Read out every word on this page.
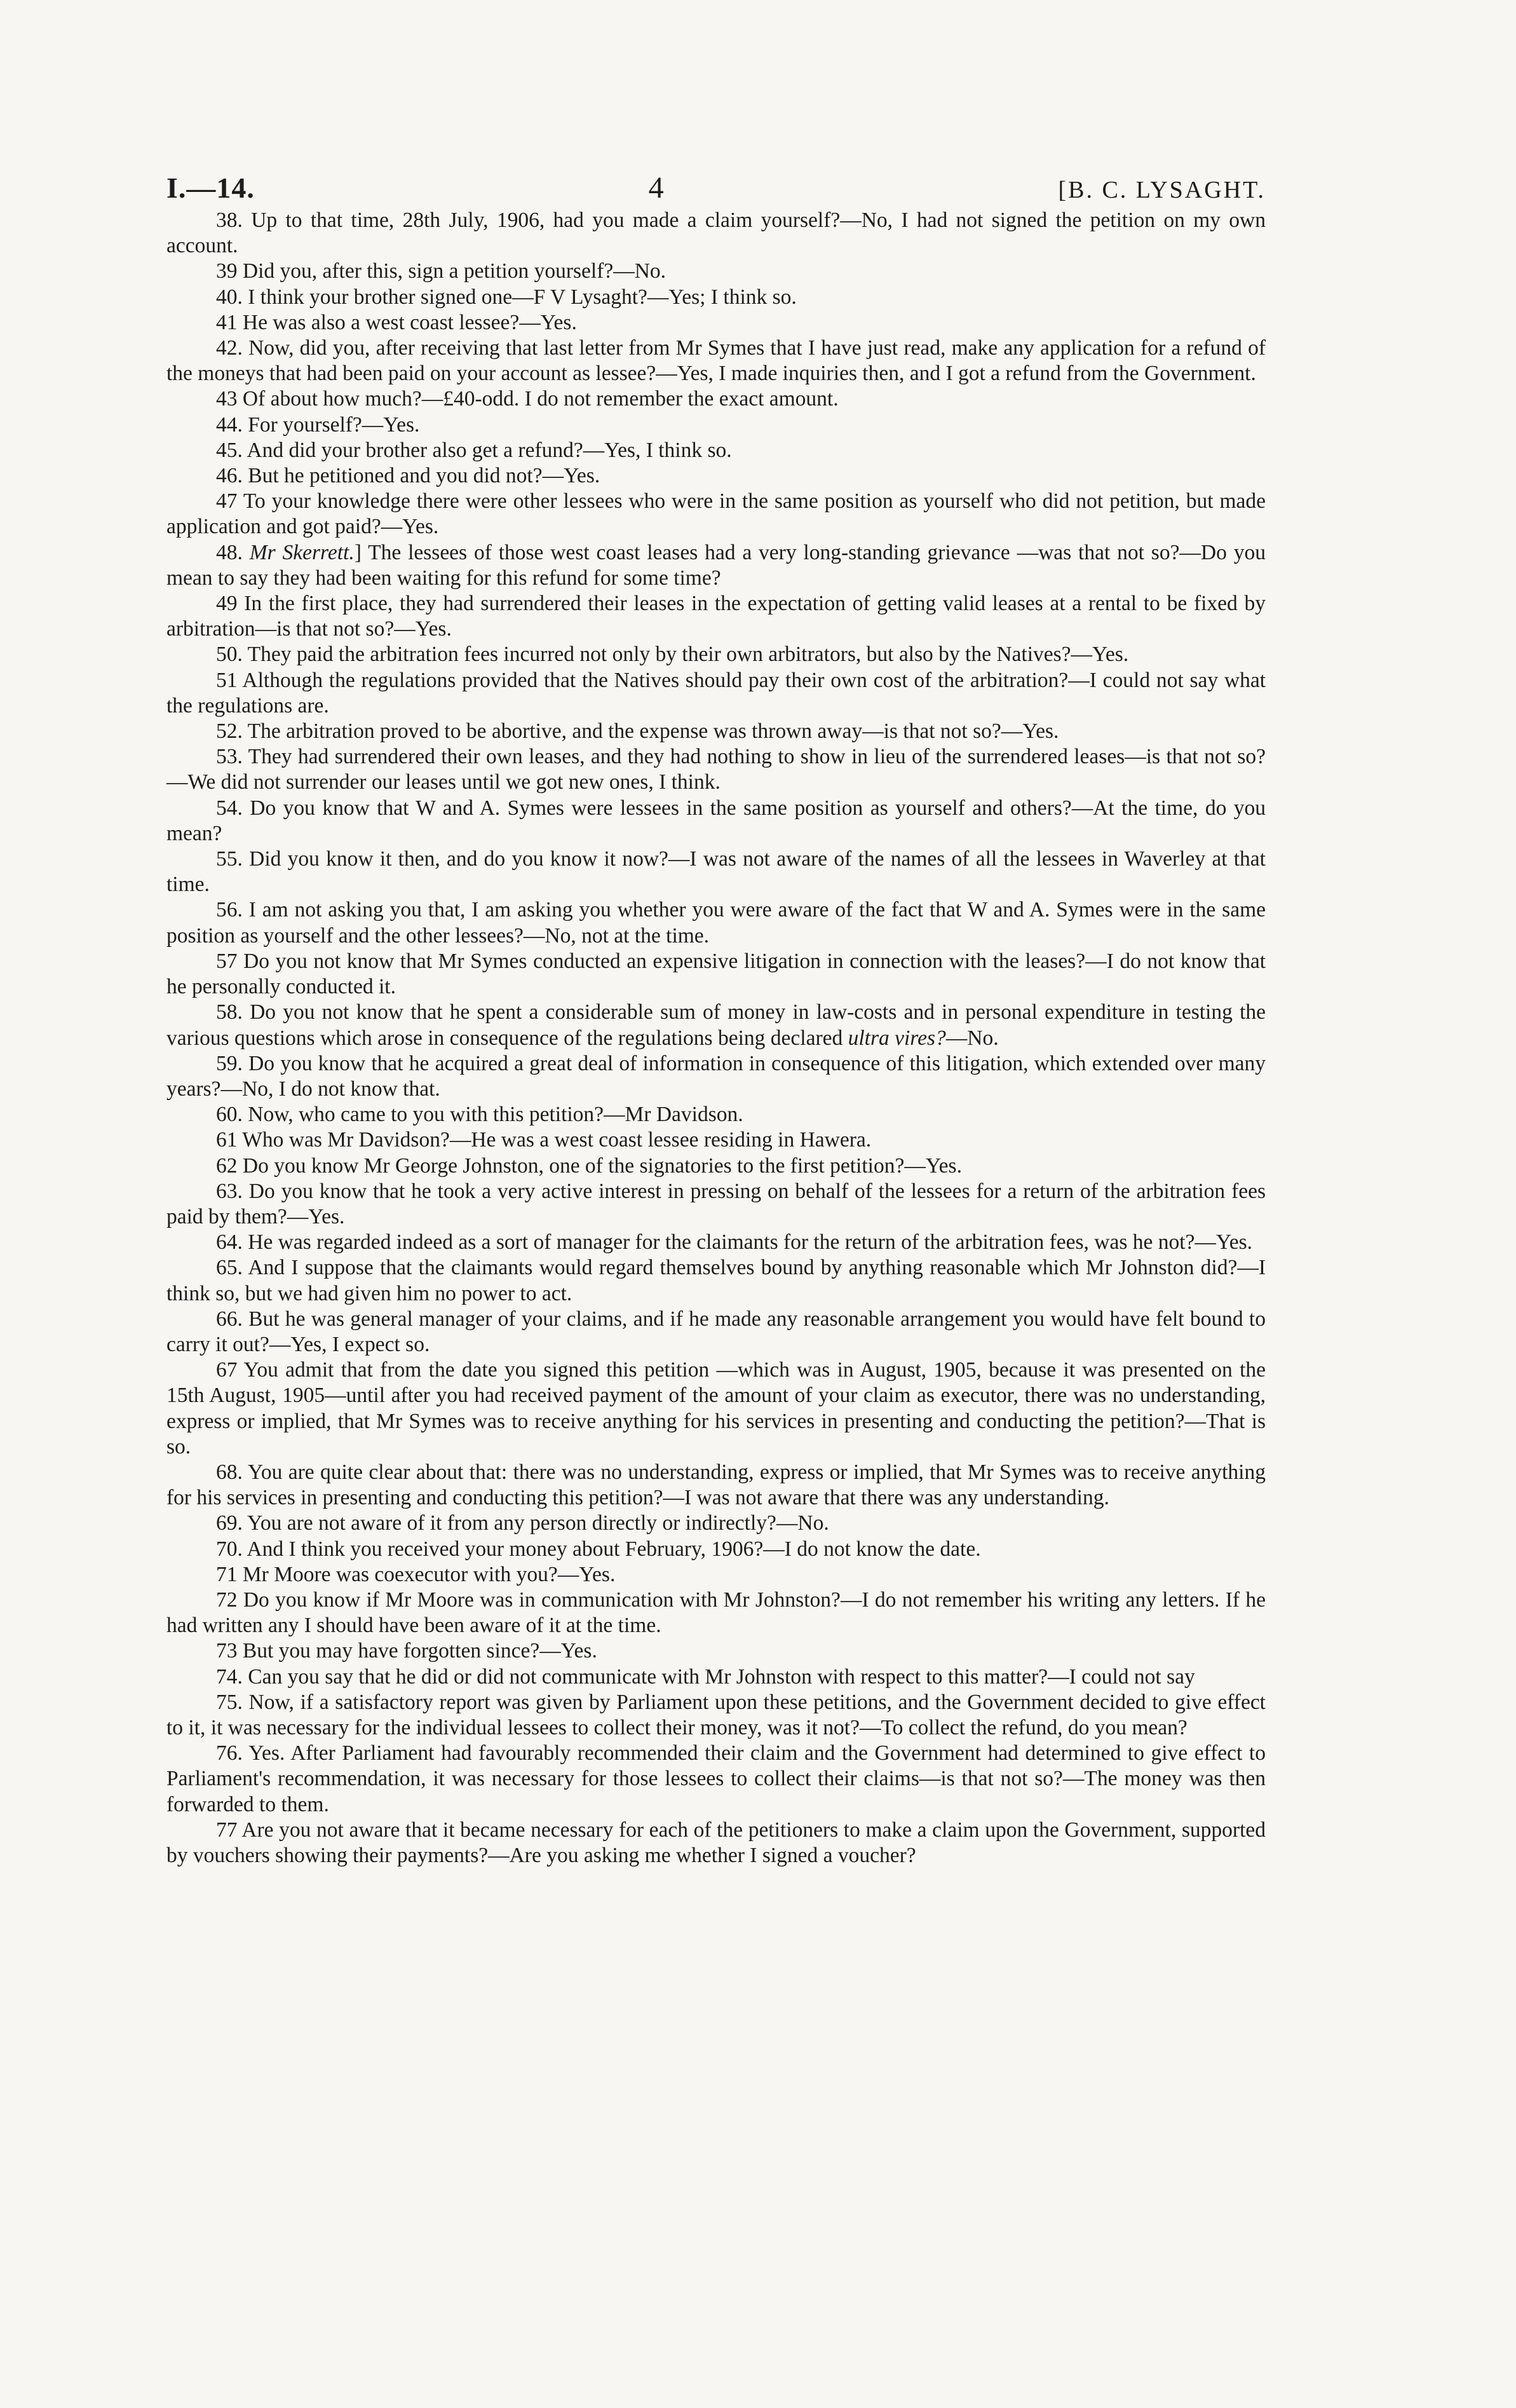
I.—14.	4	[B. C. LYSAGHT.

38. Up to that time, 28th July, 1906, had you made a claim yourself?—No, I had not signed the petition on my own account.

39 Did you, after this, sign a petition yourself?—No.

40. I think your brother signed one—F V Lysaght?—Yes; I think so.

41 He was also a west coast lessee?—Yes.

42. Now, did you, after receiving that last letter from Mr Symes that I have just read, make any application for a refund of the moneys that had been paid on your account as lessee?—Yes, I made inquiries then, and I got a refund from the Government.

43 Of about how much?—£40-odd. I do not remember the exact amount.

44. For yourself?—Yes.

45. And did your brother also get a refund?—Yes, I think so.

46. But he petitioned and you did not?—Yes.

47 To your knowledge there were other lessees who were in the same position as yourself who did not petition, but made application and got paid?—Yes.

48. Mr Skerrett.] The lessees of those west coast leases had a very long-standing grievance —was that not so?—Do you mean to say they had been waiting for this refund for some time?

49 In the first place, they had surrendered their leases in the expectation of getting valid leases at a rental to be fixed by arbitration—is that not so?—Yes.

50. They paid the arbitration fees incurred not only by their own arbitrators, but also by the Natives?—Yes.

51 Although the regulations provided that the Natives should pay their own cost of the arbitration?—I could not say what the regulations are.

52. The arbitration proved to be abortive, and the expense was thrown away—is that not so?—Yes.

53. They had surrendered their own leases, and they had nothing to show in lieu of the surrendered leases—is that not so?—We did not surrender our leases until we got new ones, I think.

54. Do you know that W and A. Symes were lessees in the same position as yourself and others?—At the time, do you mean?

55. Did you know it then, and do you know it now?—I was not aware of the names of all the lessees in Waverley at that time.

56. I am not asking you that, I am asking you whether you were aware of the fact that W and A. Symes were in the same position as yourself and the other lessees?—No, not at the time.

57 Do you not know that Mr Symes conducted an expensive litigation in connection with the leases?—I do not know that he personally conducted it.

58. Do you not know that he spent a considerable sum of money in law-costs and in personal expenditure in testing the various questions which arose in consequence of the regulations being declared ultra vires?—No.

59. Do you know that he acquired a great deal of information in consequence of this litigation, which extended over many years?—No, I do not know that.

60. Now, who came to you with this petition?—Mr Davidson.

61 Who was Mr Davidson?—He was a west coast lessee residing in Hawera.

62 Do you know Mr George Johnston, one of the signatories to the first petition?—Yes.

63. Do you know that he took a very active interest in pressing on behalf of the lessees for a return of the arbitration fees paid by them?—Yes.

64. He was regarded indeed as a sort of manager for the claimants for the return of the arbitration fees, was he not?—Yes.

65. And I suppose that the claimants would regard themselves bound by anything reasonable which Mr Johnston did?—I think so, but we had given him no power to act.

66. But he was general manager of your claims, and if he made any reasonable arrangement you would have felt bound to carry it out?—Yes, I expect so.

67 You admit that from the date you signed this petition —which was in August, 1905, because it was presented on the 15th August, 1905—until after you had received payment of the amount of your claim as executor, there was no understanding, express or implied, that Mr Symes was to receive anything for his services in presenting and conducting the petition?—That is so.

68. You are quite clear about that: there was no understanding, express or implied, that Mr Symes was to receive anything for his services in presenting and conducting this petition?—I was not aware that there was any understanding.

69. You are not aware of it from any person directly or indirectly?—No.

70. And I think you received your money about February, 1906?—I do not know the date.

71 Mr Moore was coexecutor with you?—Yes.

72 Do you know if Mr Moore was in communication with Mr Johnston?—I do not remember his writing any letters. If he had written any I should have been aware of it at the time.

73 But you may have forgotten since?—Yes.

74. Can you say that he did or did not communicate with Mr Johnston with respect to this matter?—I could not say

75. Now, if a satisfactory report was given by Parliament upon these petitions, and the Government decided to give effect to it, it was necessary for the individual lessees to collect their money, was it not?—To collect the refund, do you mean?

76. Yes. After Parliament had favourably recommended their claim and the Government had determined to give effect to Parliament's recommendation, it was necessary for those lessees to collect their claims—is that not so?—The money was then forwarded to them.

77 Are you not aware that it became necessary for each of the petitioners to make a claim upon the Government, supported by vouchers showing their payments?—Are you asking me whether I signed a voucher?
